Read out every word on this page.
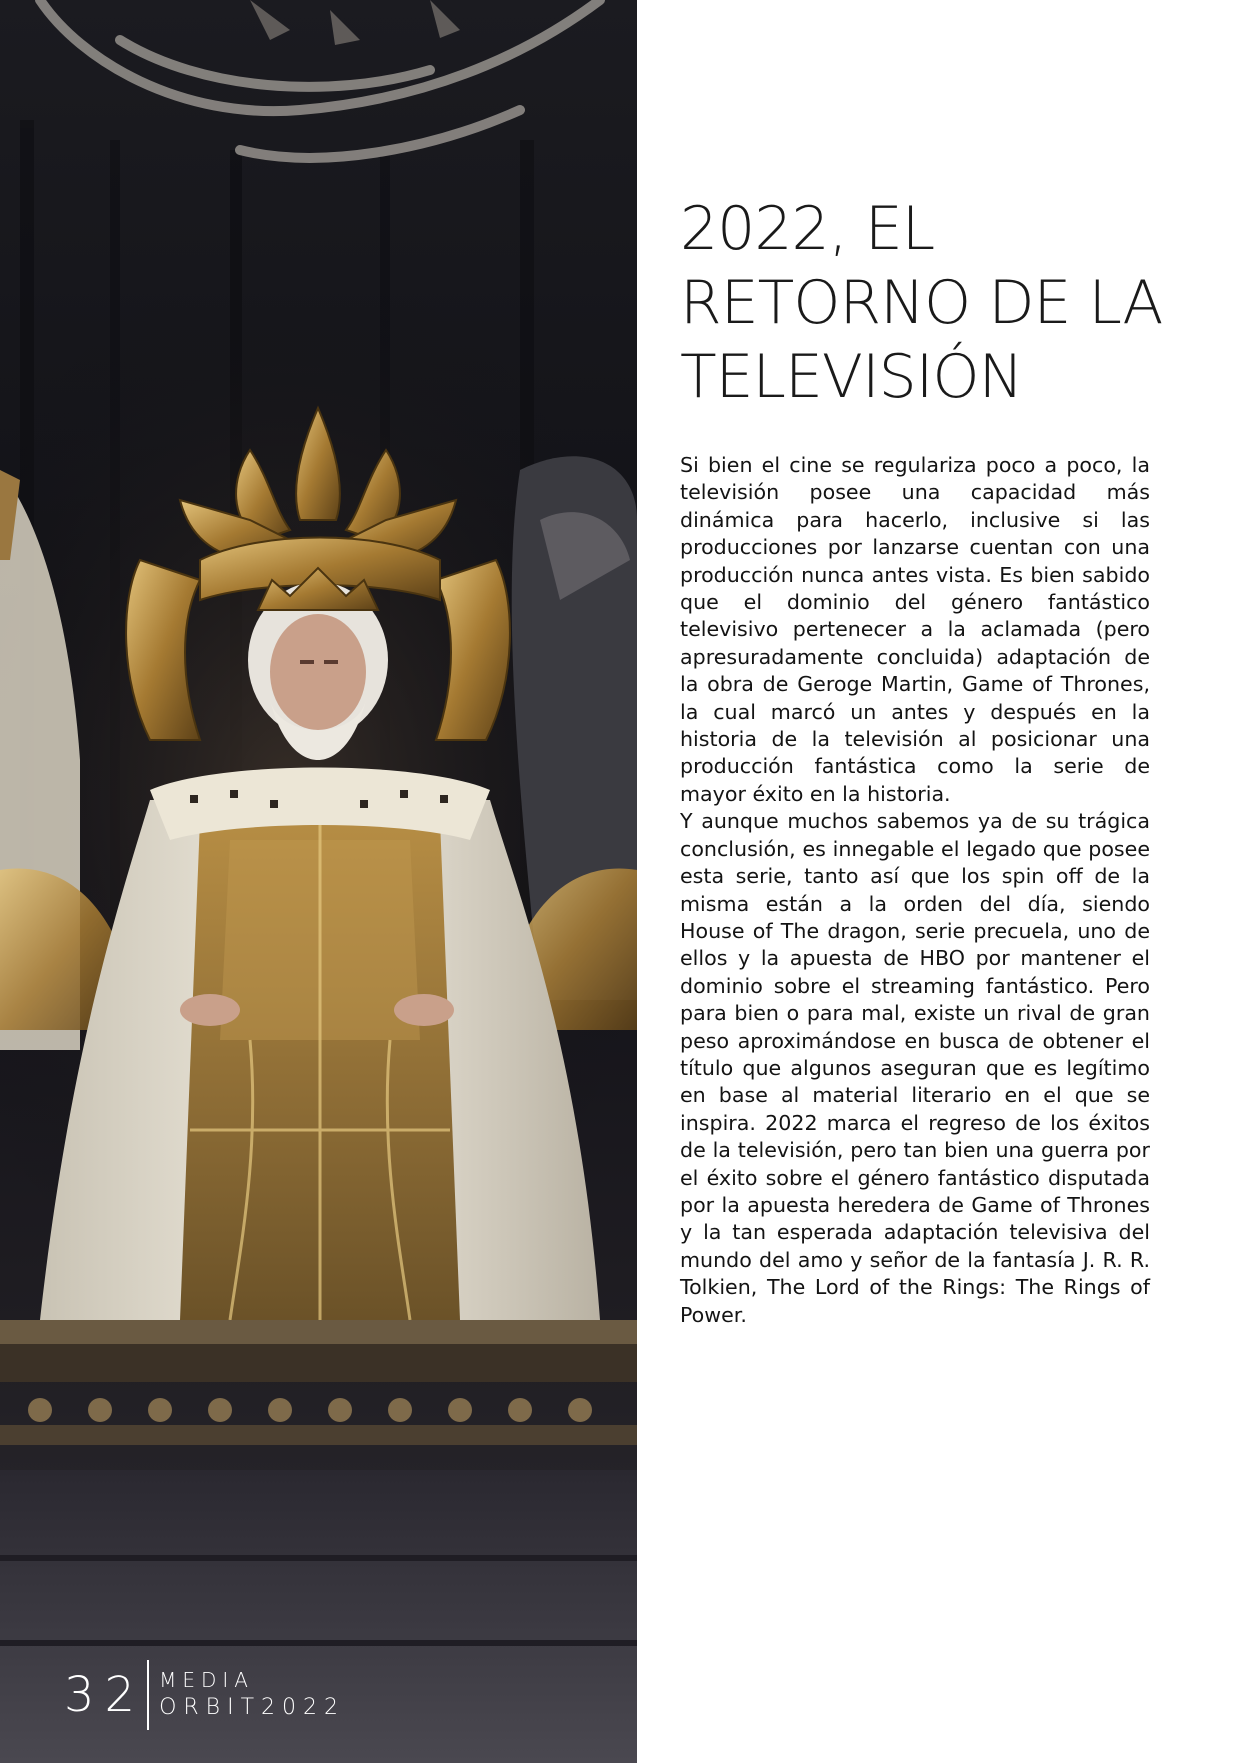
2022, EL
RETORNO DE LA
TELEVISIÓN

Si bien el cine se regulariza poco a poco, la televisión posee una capacidad más dinámica para hacerlo, inclusive si las producciones por lanzarse cuentan con una producción nunca antes vista. Es bien sabido que el dominio del género fantástico televisivo pertenecer a la aclamada (pero apresuradamente concluida) adaptación de la obra de Geroge Martin, Game of Thrones, la cual marcó un antes y después en la historia de la televisión al posicionar una producción fantástica como la serie de mayor éxito en la historia.

Y aunque muchos sabemos ya de su trágica conclusión, es innegable el legado que posee esta serie, tanto así que los spin off de la misma están a la orden del día, siendo House of The dragon, serie precuela, uno de ellos y la apuesta de HBO por mantener el dominio sobre el streaming fantástico. Pero para bien o para mal, existe un rival de gran peso aproximándose en busca de obtener el título que algunos aseguran que es legítimo en base al material literario en el que se inspira. 2022 marca el regreso de los éxitos de la televisión, pero tan bien una guerra por el éxito sobre el género fantástico disputada por la apuesta heredera de Game of Thrones y la tan esperada adaptación televisiva del mundo del amo y señor de la fantasía J. R. R. Tolkien, The Lord of the Rings: The Rings of Power.

32 MEDIA
ORBIT2022
